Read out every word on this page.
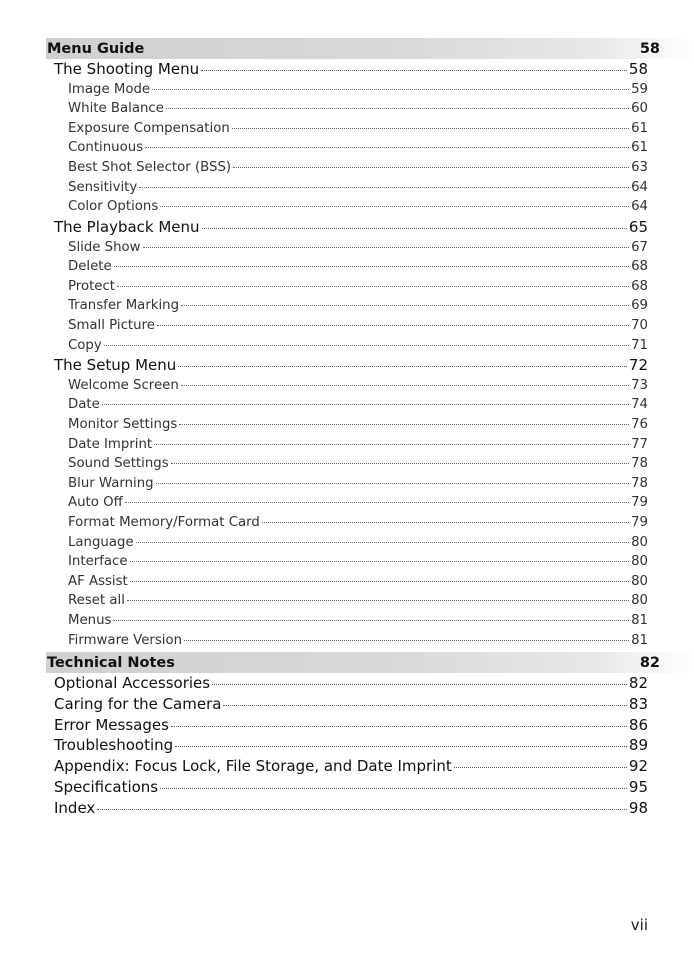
Menu Guide	58
The Shooting Menu	58
Image Mode	59
White Balance	60
Exposure Compensation	61
Continuous	61
Best Shot Selector (BSS)	63
Sensitivity	64
Color Options	64
The Playback Menu	65
Slide Show	67
Delete	68
Protect	68
Transfer Marking	69
Small Picture	70
Copy	71
The Setup Menu	72
Welcome Screen	73
Date	74
Monitor Settings	76
Date Imprint	77
Sound Settings	78
Blur Warning	78
Auto Off	79
Format Memory/Format Card	79
Language	80
Interface	80
AF Assist	80
Reset all	80
Menus	81
Firmware Version	81
Technical Notes	82
Optional Accessories	82
Caring for the Camera	83
Error Messages	86
Troubleshooting	89
Appendix: Focus Lock, File Storage, and Date Imprint	92
Specifications	95
Index	98
vii
